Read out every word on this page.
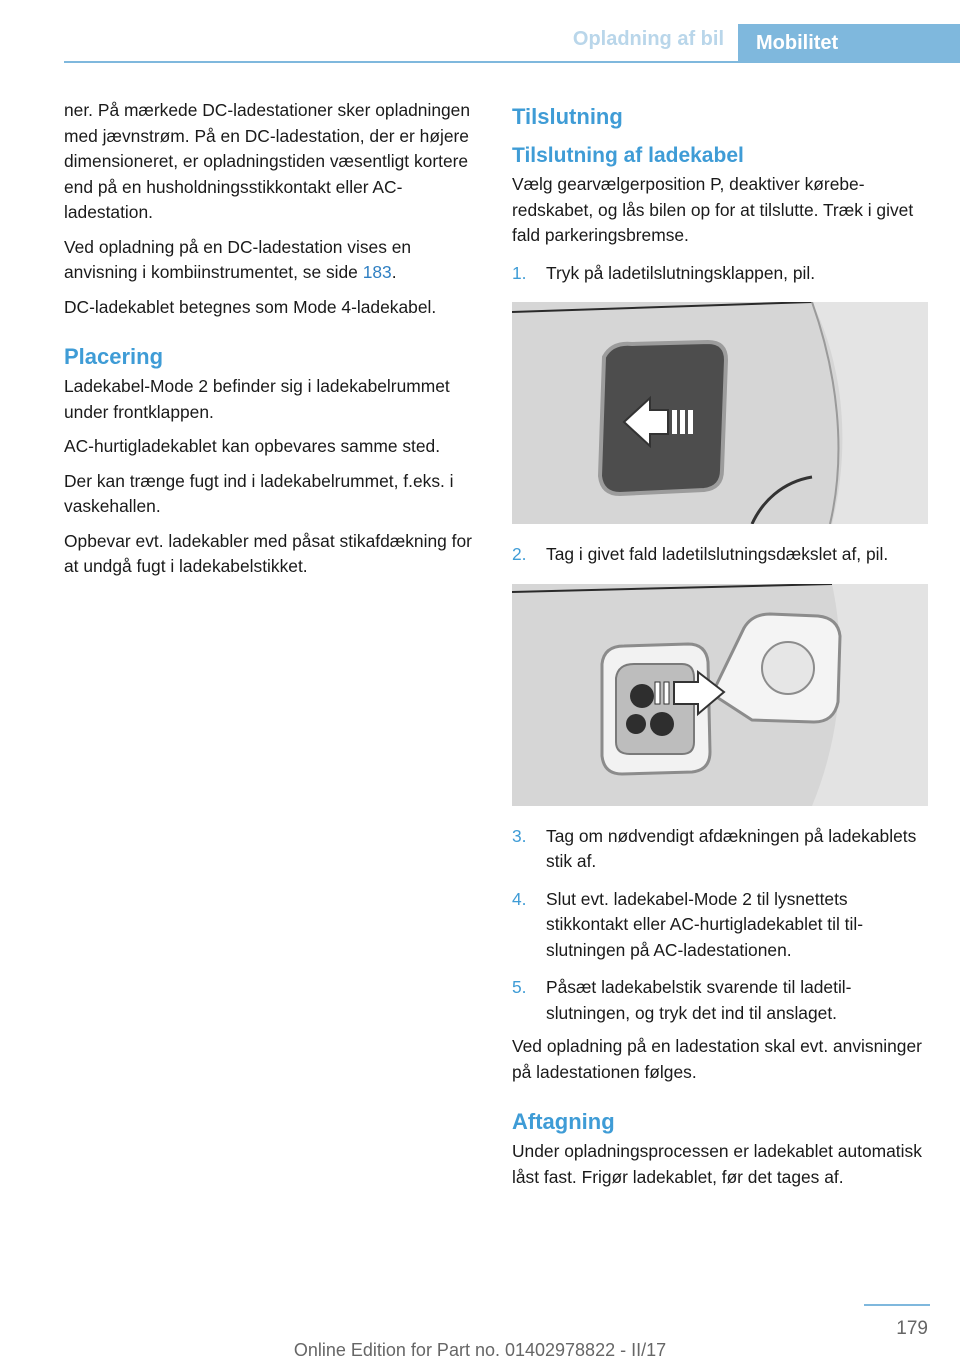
Opladning af bil	Mobilitet

ner. På mærkede DC-ladestationer sker opladningen med jævnstrøm. På en DC-ladestation, der er højere dimensioneret, er opladningstiden væsentligt kortere end på en husholdningsstikkontakt eller AC-ladestation.

Ved opladning på en DC-ladestation vises en anvisning i kombiinstrumentet, se side 183.

DC-ladekablet betegnes som Mode 4-ladekabel.

Placering

Ladekabel-Mode 2 befinder sig i ladekabelrummet under frontklappen.

AC-hurtigladekablet kan opbevares samme sted.

Der kan trænge fugt ind i ladekabelrummet, f.eks. i vaskehallen.

Opbevar evt. ladekabler med påsat stikafdækning for at undgå fugt i ladekabelstikket.

Tilslutning
Tilslutning af ladekabel

Vælg gearvælgerposition P, deaktiver køreberedskabet, og lås bilen op for at tilslutte. Træk i givet fald parkeringsbremse.

1. Tryk på ladetilslutningsklappen, pil.
2. Tag i givet fald ladetilslutningsdækslet af, pil.
3. Tag om nødvendigt afdækningen på ladekablets stik af.
4. Slut evt. ladekabel-Mode 2 til lysnettets stikkontakt eller AC-hurtigladekablet til tilslutningen på AC-ladestationen.
5. Påsæt ladekabelstik svarende til ladetilslutningen, og tryk det ind til anslaget.

Ved opladning på en ladestation skal evt. anvisninger på ladestationen følges.

Aftagning

Under opladningsprocessen er ladekablet automatisk låst fast. Frigør ladekablet, før det tages af.

179
Online Edition for Part no. 01402978822 - II/17
